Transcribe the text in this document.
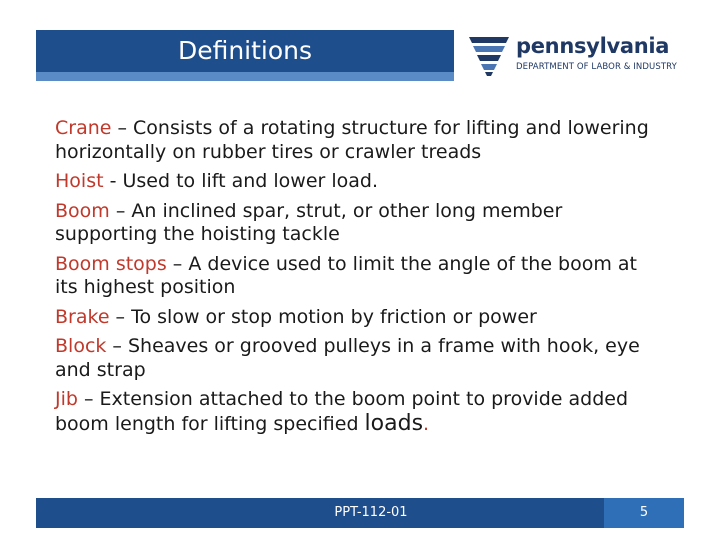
Definitions	pennsylvania
DEPARTMENT OF LABOR & INDUSTRY

Crane – Consists of a rotating structure for lifting and lowering horizontally on rubber tires or crawler treads

Hoist - Used to lift and lower load.

Boom – An inclined spar, strut, or other long member supporting the hoisting tackle

Boom stops – A device used to limit the angle of the boom at its highest position

Brake – To slow or stop motion by friction or power

Block – Sheaves or grooved pulleys in a frame with hook, eye and strap

Jib – Extension attached to the boom point to provide added boom length for lifting specified loads.

PPT-112-01	5
